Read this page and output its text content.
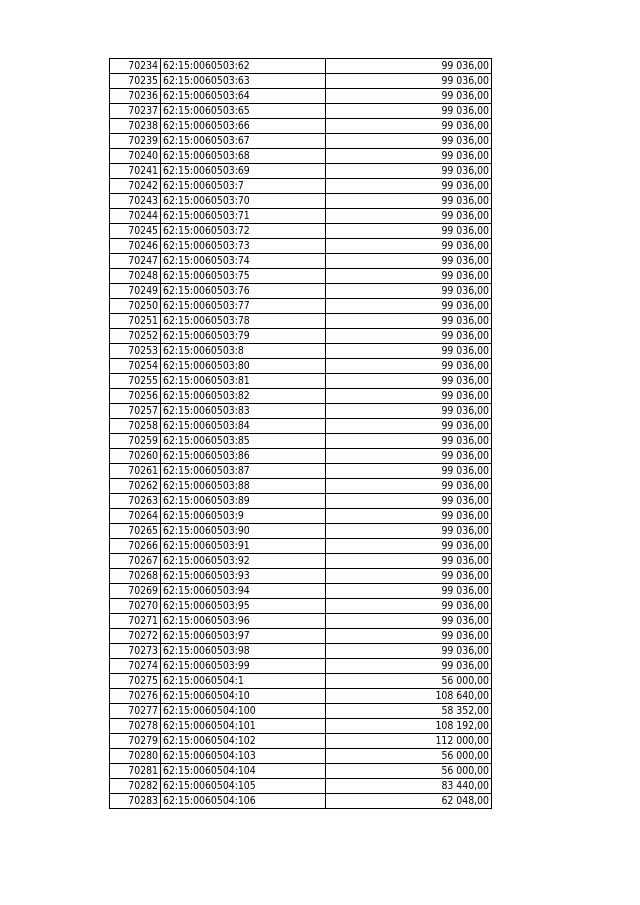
70234	62:15:0060503:62	99 036,00
70235	62:15:0060503:63	99 036,00
70236	62:15:0060503:64	99 036,00
70237	62:15:0060503:65	99 036,00
70238	62:15:0060503:66	99 036,00
70239	62:15:0060503:67	99 036,00
70240	62:15:0060503:68	99 036,00
70241	62:15:0060503:69	99 036,00
70242	62:15:0060503:7	99 036,00
70243	62:15:0060503:70	99 036,00
70244	62:15:0060503:71	99 036,00
70245	62:15:0060503:72	99 036,00
70246	62:15:0060503:73	99 036,00
70247	62:15:0060503:74	99 036,00
70248	62:15:0060503:75	99 036,00
70249	62:15:0060503:76	99 036,00
70250	62:15:0060503:77	99 036,00
70251	62:15:0060503:78	99 036,00
70252	62:15:0060503:79	99 036,00
70253	62:15:0060503:8	99 036,00
70254	62:15:0060503:80	99 036,00
70255	62:15:0060503:81	99 036,00
70256	62:15:0060503:82	99 036,00
70257	62:15:0060503:83	99 036,00
70258	62:15:0060503:84	99 036,00
70259	62:15:0060503:85	99 036,00
70260	62:15:0060503:86	99 036,00
70261	62:15:0060503:87	99 036,00
70262	62:15:0060503:88	99 036,00
70263	62:15:0060503:89	99 036,00
70264	62:15:0060503:9	99 036,00
70265	62:15:0060503:90	99 036,00
70266	62:15:0060503:91	99 036,00
70267	62:15:0060503:92	99 036,00
70268	62:15:0060503:93	99 036,00
70269	62:15:0060503:94	99 036,00
70270	62:15:0060503:95	99 036,00
70271	62:15:0060503:96	99 036,00
70272	62:15:0060503:97	99 036,00
70273	62:15:0060503:98	99 036,00
70274	62:15:0060503:99	99 036,00
70275	62:15:0060504:1	56 000,00
70276	62:15:0060504:10	108 640,00
70277	62:15:0060504:100	58 352,00
70278	62:15:0060504:101	108 192,00
70279	62:15:0060504:102	112 000,00
70280	62:15:0060504:103	56 000,00
70281	62:15:0060504:104	56 000,00
70282	62:15:0060504:105	83 440,00
70283	62:15:0060504:106	62 048,00
